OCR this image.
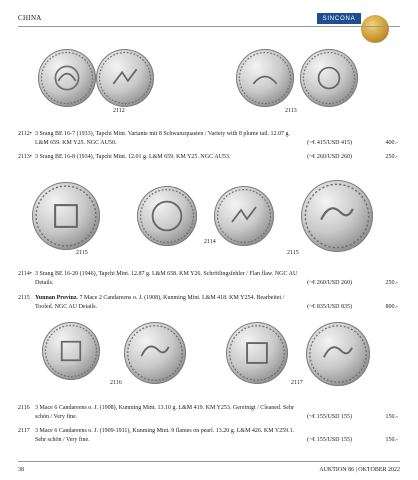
CHINA	SINCONA
2112	2113
2112• 3 Srang BE 16-7 (1933), Tapchi Mint. Variante mit 8 Schwanzquasten / Variety with 8 plume tail. 12.07 g.
L&M 659. KM Y25. NGC AU50.	(~€ 415/USD 415)	400.-
2113• 3 Srang BE 16-8 (1934), Tapchi Mint. 12.01 g. L&M 659. KM Y25. NGC AU53.	(~€ 260/USD 260)	250.-
2114
2115	2115
2114• 3 Srang BE 16-20 (1946), Tapchi Mint. 12.87 g. L&M 658. KM Y26. Schrötlingsfehler / Flan flaw. NGC AU
Details.	(~€ 260/USD 260)	250.-
2115 Yunnan Provinz. 7 Mace 2 Candareens o. J. (1908), Kunming Mint. L&M 418. KM Y254. Bearbeitet /
Tooled. NGC AU Details.	(~€ 835/USD 835)	800.-
2116	2117
2116 3 Mace 6 Candareens o. J. (1908), Kunming Mint. 13.10 g. L&M 419. KM Y253. Gereinigt / Cleaned. Sehr
schön / Very fine.	(~€ 155/USD 155)	150.-
2117 3 Mace 6 Candareens o. J. (1909-1911), Kunming Mint. 9 flames on pearl. 13.20 g. L&M 426. KM Y259.1.
Sehr schön / Very fine.	(~€ 155/USD 155)	150.-
38	AUKTION 86 | OKTOBER 2022
